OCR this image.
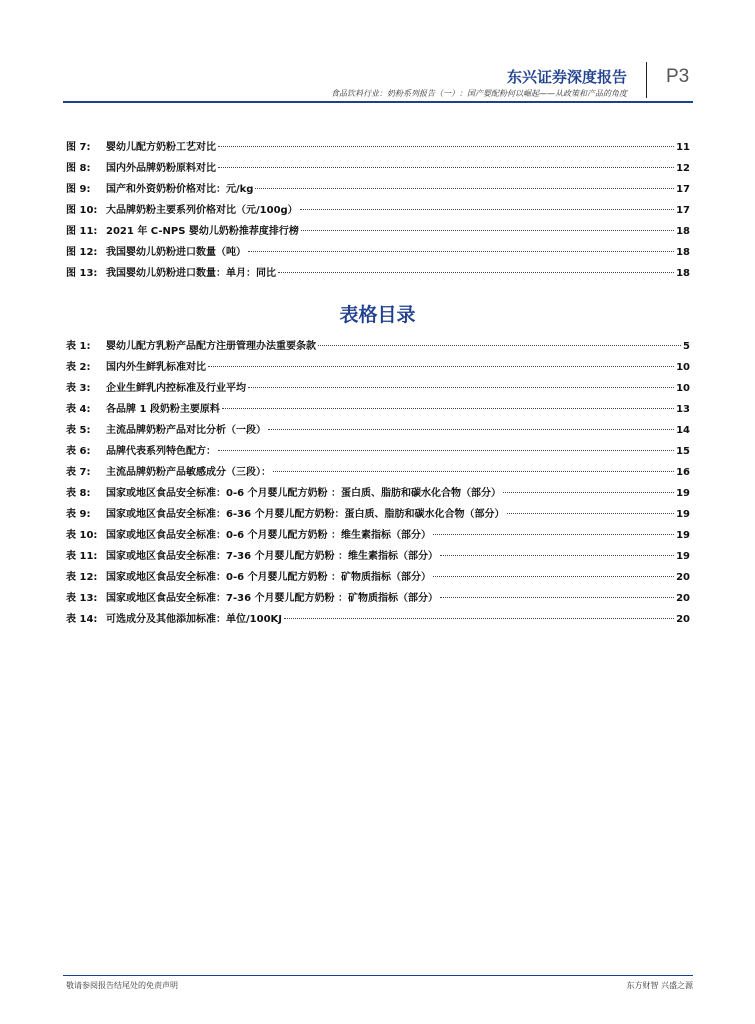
东兴证券深度报告
食品饮料行业：奶粉系列报告（一）：国产婴配粉何以崛起——从政策和产品的角度
P3
图 7:	婴幼儿配方奶粉工艺对比	11
图 8:	国内外品牌奶粉原料对比	12
图 9:	国产和外资奶粉价格对比：元/kg	17
图 10: 大品牌奶粉主要系列价格对比（元/100g）	17
图 11: 2021 年 C-NPS 婴幼儿奶粉推荐度排行榜	18
图 12: 我国婴幼儿奶粉进口数量（吨）	18
图 13: 我国婴幼儿奶粉进口数量：单月：同比	18
表格目录
表 1:	婴幼儿配方乳粉产品配方注册管理办法重要条款	5
表 2:	国内外生鲜乳标准对比	10
表 3:	企业生鲜乳内控标准及行业平均	10
表 4:	各品牌 1 段奶粉主要原料	13
表 5:	主流品牌奶粉产品对比分析（一段）	14
表 6:	品牌代表系列特色配方：	15
表 7:	主流品牌奶粉产品敏感成分（三段）：	16
表 8:	国家或地区食品安全标准：0-6 个月婴儿配方奶粉 ：蛋白质、脂肪和碳水化合物（部分）	19
表 9:	国家或地区食品安全标准：6-36 个月婴儿配方奶粉：蛋白质、脂肪和碳水化合物（部分）	19
表 10: 国家或地区食品安全标准：0-6 个月婴儿配方奶粉 ：维生素指标（部分）	19
表 11: 国家或地区食品安全标准：7-36 个月婴儿配方奶粉 ：维生素指标（部分）	19
表 12: 国家或地区食品安全标准：0-6 个月婴儿配方奶粉 ：矿物质指标（部分）	20
表 13: 国家或地区食品安全标准：7-36 个月婴儿配方奶粉 ：矿物质指标（部分）	20
表 14: 可选成分及其他添加标准：单位/100KJ	20
敬请参阅报告结尾处的免责声明	东方财智 兴盛之源
